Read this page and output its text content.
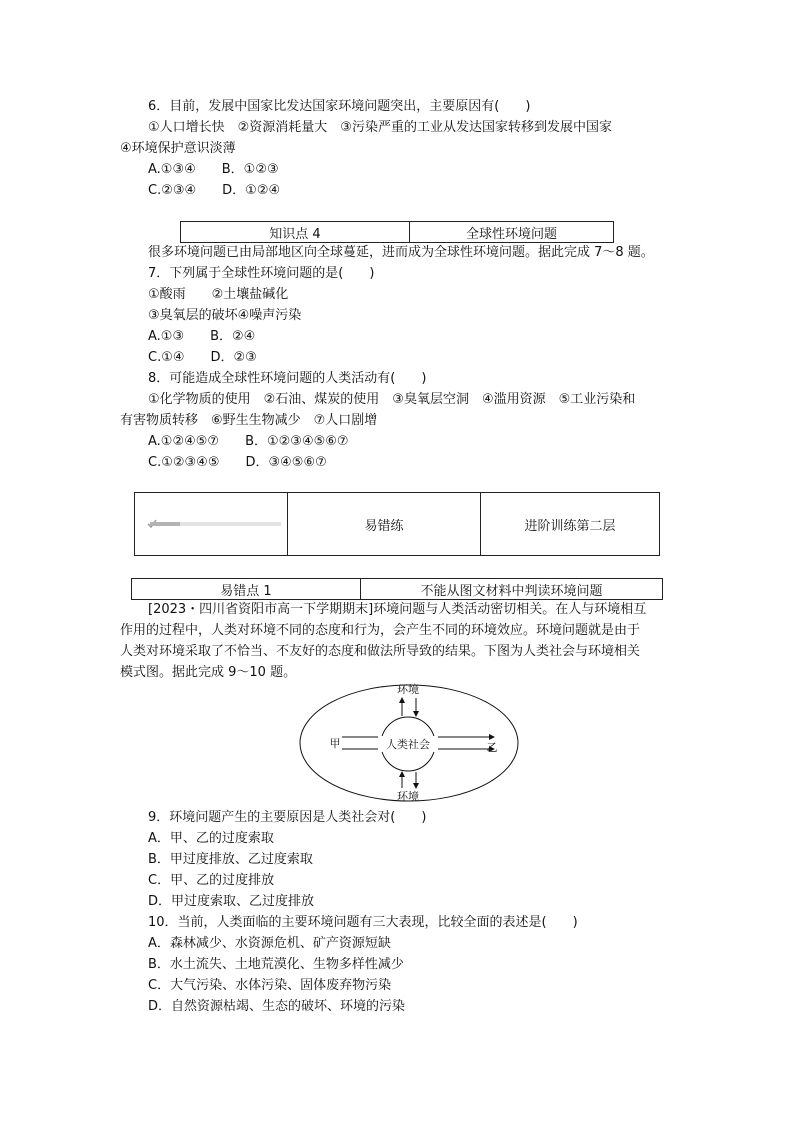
6．目前，发展中国家比发达国家环境问题突出，主要原因有(　　)
①人口增长快　②资源消耗量大　③污染严重的工业从发达国家转移到发展中国家
④环境保护意识淡薄
A.①③④　　B．①②③
C.②③④　　D．①②④
知识点 4	全球性环境问题
很多环境问题已由局部地区向全球蔓延，进而成为全球性环境问题。据此完成 7～8 题。
7．下列属于全球性环境问题的是(　　)
①酸雨　　②土壤盐碱化
③臭氧层的破坏④噪声污染
A.①③　　B．②④
C.①④　　D．②③
8．可能造成全球性环境问题的人类活动有(　　)
①化学物质的使用　②石油、煤炭的使用　③臭氧层空洞　④滥用资源　⑤工业污染和
有害物质转移　⑥野生生物减少　⑦人口剧增
A.①②④⑤⑦　　B．①②③④⑤⑥⑦
C.①②③④⑤　　D．③④⑤⑥⑦
易错练	进阶训练第二层
易错点 1	不能从图文材料中判读环境问题
[2023・四川省资阳市高一下学期期末]环境问题与人类活动密切相关。在人与环境相互
作用的过程中，人类对环境不同的态度和行为，会产生不同的环境效应。环境问题就是由于
人类对环境采取了不恰当、不友好的态度和做法所导致的结果。下图为人类社会与环境相关
模式图。据此完成 9～10 题。
环境
环境
甲	乙
人类社会
9．环境问题产生的主要原因是人类社会对(　　)
A．甲、乙的过度索取
B．甲过度排放、乙过度索取
C．甲、乙的过度排放
D．甲过度索取、乙过度排放
10．当前，人类面临的主要环境问题有三大表现，比较全面的表述是(　　)
A．森林减少、水资源危机、矿产资源短缺
B．水土流失、土地荒漠化、生物多样性减少
C．大气污染、水体污染、固体废弃物污染
D．自然资源枯竭、生态的破坏、环境的污染
